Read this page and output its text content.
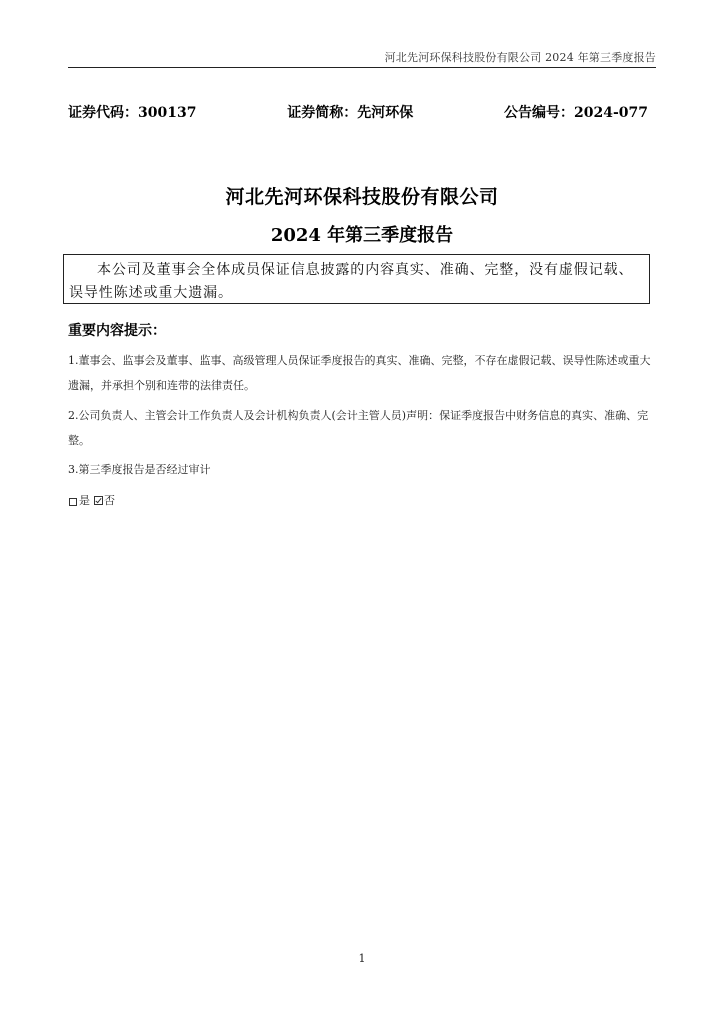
河北先河环保科技股份有限公司 2024 年第三季度报告
证券代码：300137	证券简称：先河环保	公告编号：2024-077
河北先河环保科技股份有限公司
2024 年第三季度报告
本公司及董事会全体成员保证信息披露的内容真实、准确、完整，没有虚假记载、误导性陈述或重大遗漏。
重要内容提示：
1.董事会、监事会及董事、监事、高级管理人员保证季度报告的真实、准确、完整，不存在虚假记载、误导性陈述或重大遗漏，并承担个别和连带的法律责任。
2.公司负责人、主管会计工作负责人及会计机构负责人(会计主管人员)声明：保证季度报告中财务信息的真实、准确、完整。
3.第三季度报告是否经过审计
是 否
1
